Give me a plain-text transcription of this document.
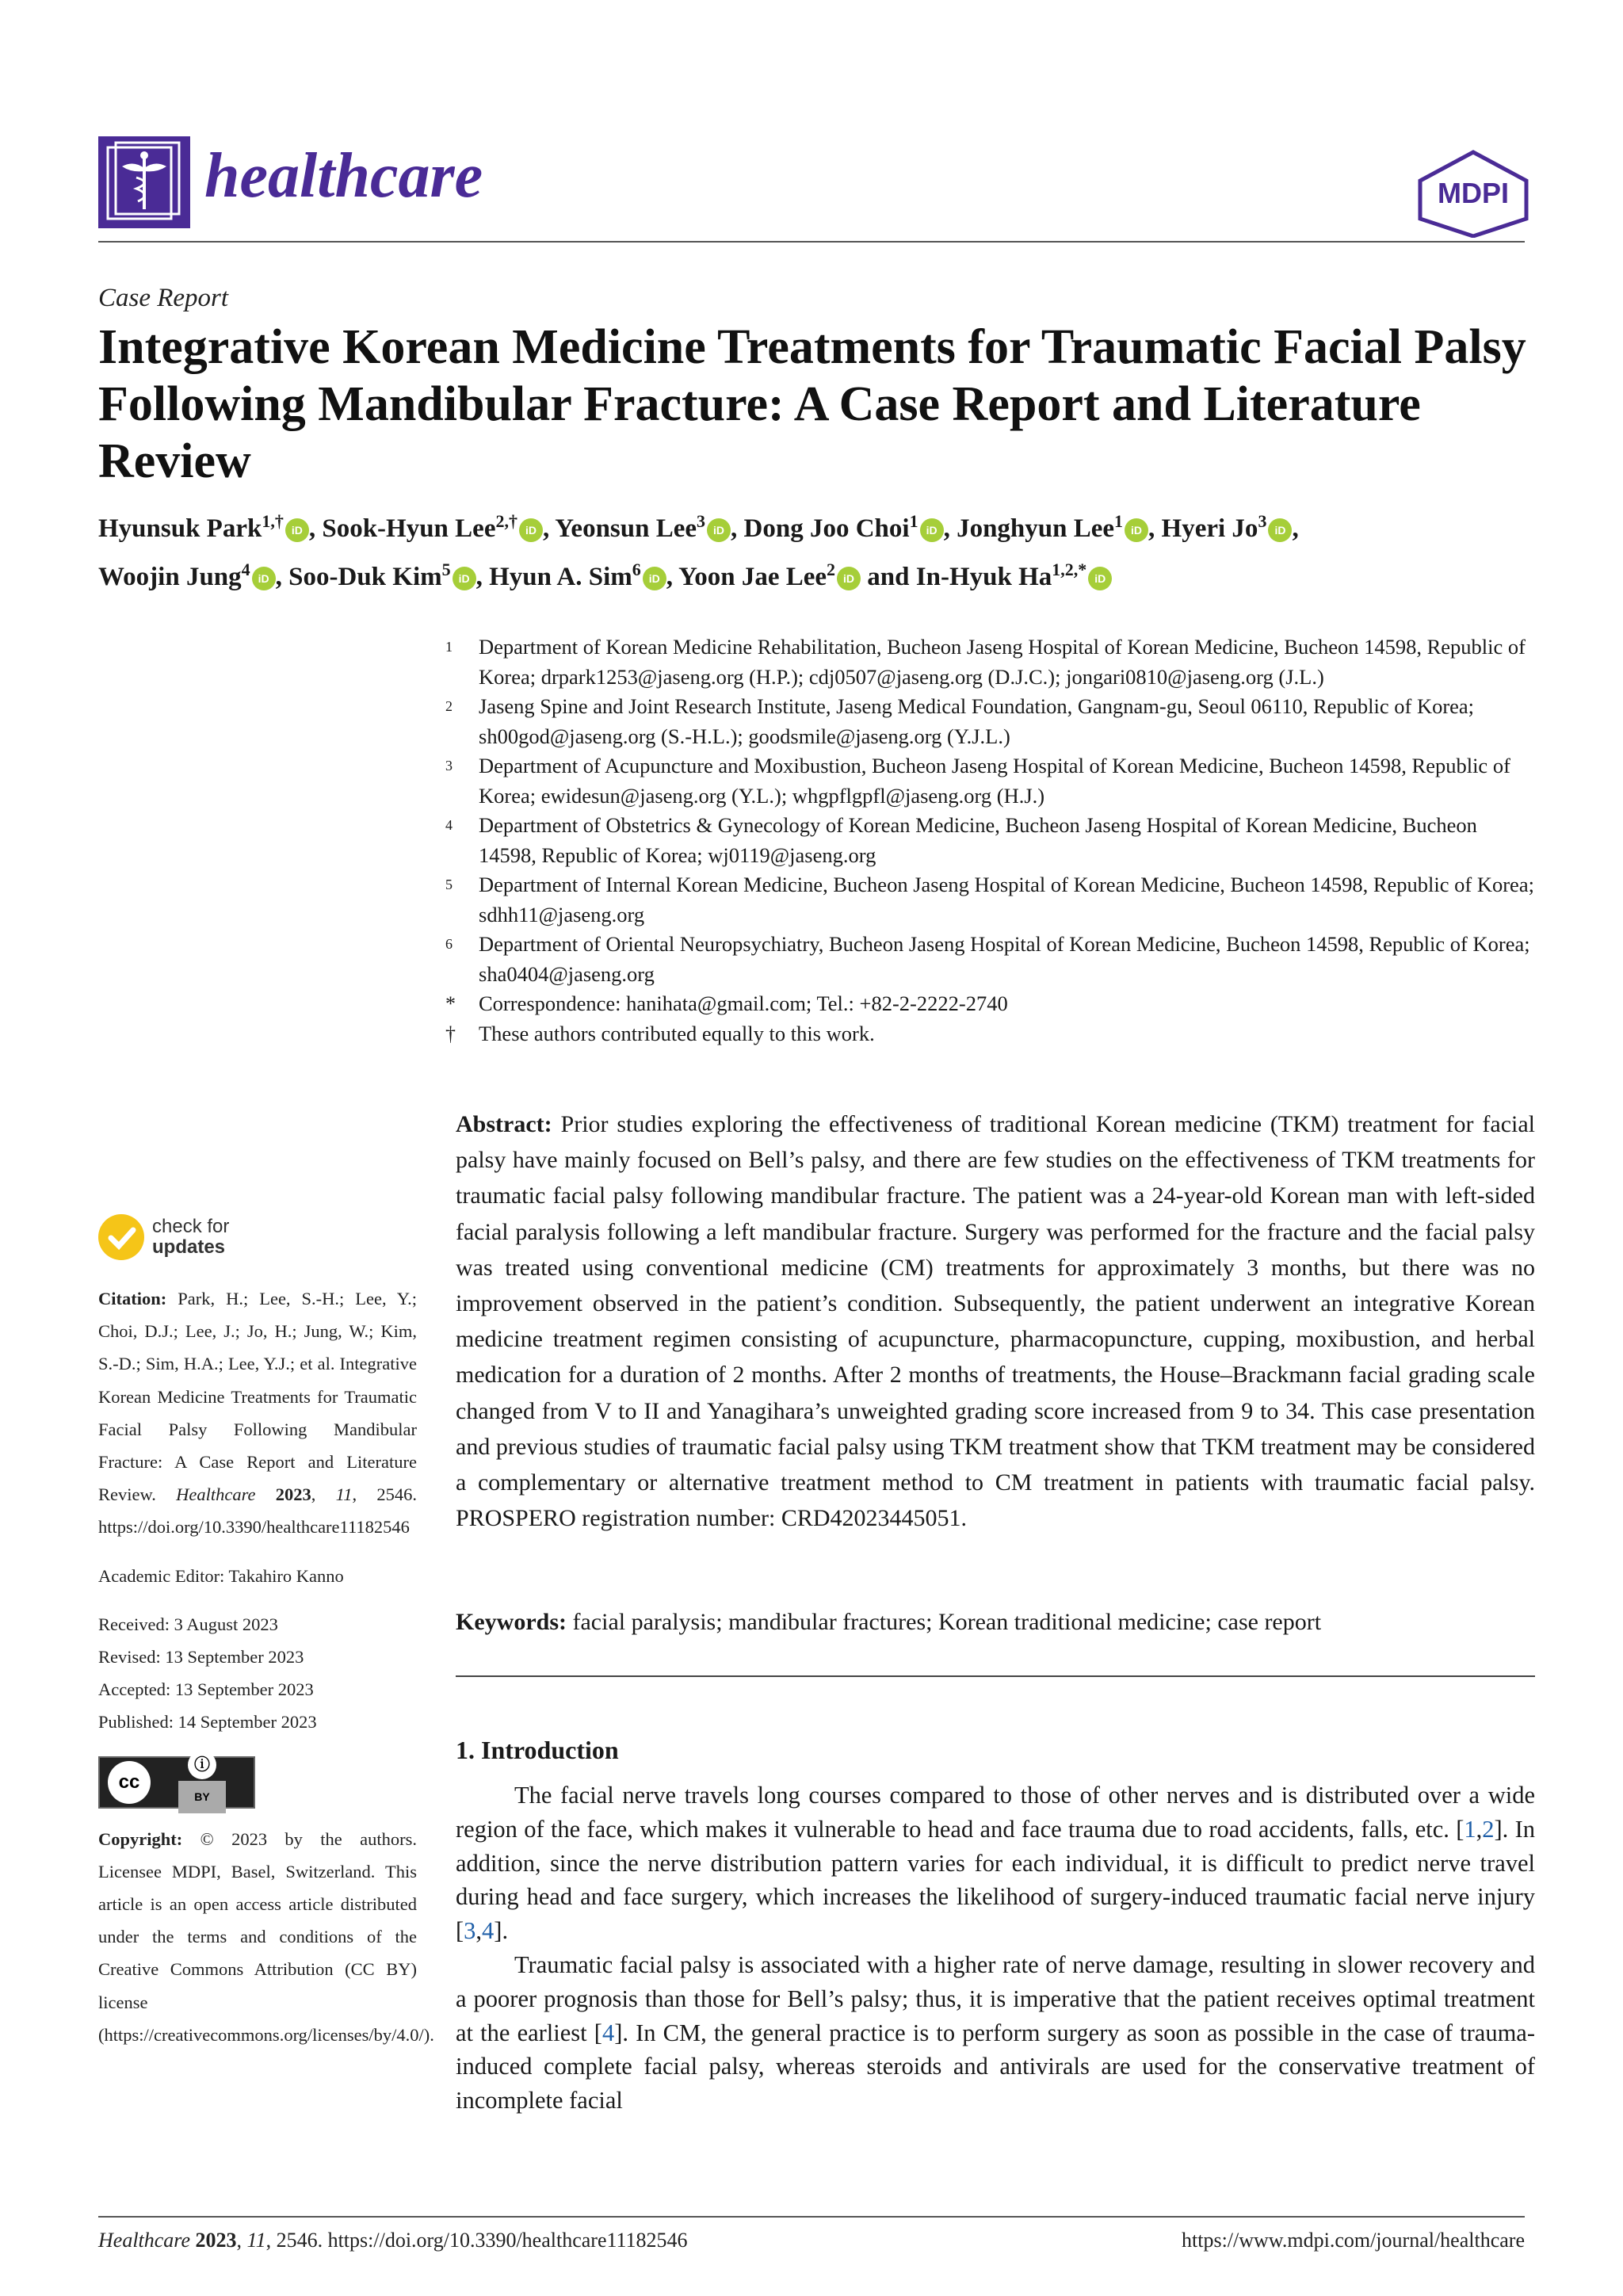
healthcare	MDPI
Case Report
Integrative Korean Medicine Treatments for Traumatic Facial Palsy Following Mandibular Fracture: A Case Report and Literature Review
Hyunsuk Park$^{1,\dagger}$ iD , Sook-Hyun Lee$^{2,\dagger}$ iD , Yeonsun Lee$^3$ iD , Dong Joo Choi$^1$ iD , Jonghyun Lee$^1$ iD , Hyeri Jo$^3$ iD ,
Woojin Jung$^4$ iD , Soo-Duk Kim$^5$ iD , Hyun A. Sim$^6$ iD , Yoon Jae Lee$^2$ iD and In-Hyuk $Ha^{1,2,*}$ iD
1	Department of Korean Medicine Rehabilitation, Bucheon Jaseng Hospital of Korean Medicine, Bucheon 14598, Republic of Korea; drpark1253@jaseng.org (H.P.); cdj0507@jaseng.org (D.J.C.); jongari0810@jaseng.org (J.L.)
2	Jaseng Spine and Joint Research Institute, Jaseng Medical Foundation, Gangnam-gu, Seoul 06110, Republic of Korea; sh00god@jaseng.org (S.-H.L.); goodsmile@jaseng.org (Y.J.L.)
3	Department of Acupuncture and Moxibustion, Bucheon Jaseng Hospital of Korean Medicine, Bucheon 14598, Republic of Korea; ewidesun@jaseng.org (Y.L.); whgpflgpfl@jaseng.org (H.J.)
4	Department of Obstetrics & Gynecology of Korean Medicine, Bucheon Jaseng Hospital of Korean Medicine, Bucheon 14598, Republic of Korea; wj0119@jaseng.org
5	Department of Internal Korean Medicine, Bucheon Jaseng Hospital of Korean Medicine, Bucheon 14598, Republic of Korea; sdhh11@jaseng.org
6	Department of Oriental Neuropsychiatry, Bucheon Jaseng Hospital of Korean Medicine, Bucheon 14598, Republic of Korea; sha0404@jaseng.org
*	Correspondence: hanihata@gmail.com; Tel.: +82-2-2222-2740
†	These authors contributed equally to this work.
check for
updates
Citation: Park, H.; Lee, S.-H.; Lee, Y.; Choi, D.J.; Lee, J.; Jo, H.; Jung, W.; Kim, S.-D.; Sim, H.A.; Lee, Y.J.; et al. Integrative Korean Medicine Treatments for Traumatic Facial Palsy Following Mandibular Fracture: A Case Report and Literature Review. Healthcare 2023, 11, 2546. https://doi.org/10.3390/healthcare11182546
Academic Editor: Takahiro Kanno
Received: 3 August 2023
Revised: 13 September 2023
Accepted: 13 September 2023
Published: 14 September 2023
cc
ⓘ
BY
Copyright: © 2023 by the authors. Licensee MDPI, Basel, Switzerland. This article is an open access article distributed under the terms and conditions of the Creative Commons Attribution (CC BY) license (https://creativecommons.org/licenses/by/4.0/).
Abstract: Prior studies exploring the effectiveness of traditional Korean medicine (TKM) treatment for facial palsy have mainly focused on Bell’s palsy, and there are few studies on the effectiveness of TKM treatments for traumatic facial palsy following mandibular fracture. The patient was a 24-year-old Korean man with left-sided facial paralysis following a left mandibular fracture. Surgery was performed for the fracture and the facial palsy was treated using conventional medicine (CM) treatments for approximately 3 months, but there was no improvement observed in the patient’s condition. Subsequently, the patient underwent an integrative Korean medicine treatment regimen consisting of acupuncture, pharmacopuncture, cupping, moxibustion, and herbal medication for a duration of 2 months. After 2 months of treatments, the House–Brackmann facial grading scale changed from V to II and Yanagihara’s unweighted grading score increased from 9 to 34. This case presentation and previous studies of traumatic facial palsy using TKM treatment show that TKM treatment may be considered a complementary or alternative treatment method to CM treatment in patients with traumatic facial palsy. PROSPERO registration number: CRD42023445051.
Keywords: facial paralysis; mandibular fractures; Korean traditional medicine; case report
1. Introduction

The facial nerve travels long courses compared to those of other nerves and is distributed over a wide region of the face, which makes it vulnerable to head and face trauma due to road accidents, falls, etc. [1,2]. In addition, since the nerve distribution pattern varies for each individual, it is difficult to predict nerve travel during head and face surgery, which increases the likelihood of surgery-induced traumatic facial nerve injury [3,4].

Traumatic facial palsy is associated with a higher rate of nerve damage, resulting in slower recovery and a poorer prognosis than those for Bell’s palsy; thus, it is imperative that the patient receives optimal treatment at the earliest [4]. In CM, the general practice is to perform surgery as soon as possible in the case of trauma-induced complete facial palsy, whereas steroids and antivirals are used for the conservative treatment of incomplete facial

Healthcare 2023, 11, 2546. https://doi.org/10.3390/healthcare11182546	https://www.mdpi.com/journal/healthcare
